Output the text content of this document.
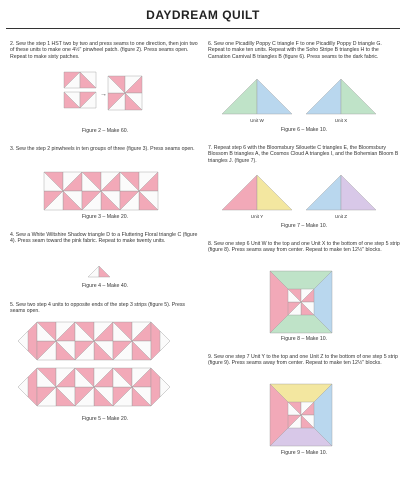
DAYDREAM QUILT
2. Sew the step 1 HST two by two and press seams to one direction, then join two of these units to make one 4½" pinwheel patch. (figure 2). Press seams open. Repeat to make sixty patches.
→
Figure 2 – Make 60.
3. Sew the step 2 pinwheels in ten groups of three (figure 3). Press seams open.
Figure 3 – Make 20.
4. Sew a White Wiltshire Shadow triangle D to a Fluttering Floral triangle C (figure 4). Press seam toward the pink fabric. Repeat to make twenty units.
Figure 4 – Make 40.
5. Sew two step 4 units to opposite ends of the step 3 strips (figure 5). Press seams open.
Figure 5 – Make 20.
6. Sew one Picadilly Poppy C triangle F to one Picadilly Poppy D triangle G. Repeat to make ten units. Repeat with the Soho Stripe B triangles H to the Carnation Carnival B triangles B (figure 6). Press seams to the dark fabric.
Unit W	Unit X
Figure 6 – Make 10.
7. Repeat step 6 with the Bloomsbury Silouette C triangles E, the Bloomsbury Blossom B triangles A, the Cosmos Cloud A triangles I, and the Bohemian Bloom B triangles J. (figure 7).
Unit Y	Unit Z
Figure 7 – Make 10.
8. Sew one step 6 Unit W to the top and one Unit X to the bottom of one step 5 strip (figure 8). Press seams away from center. Repeat to make ten 12½" blocks.
Figure 8 – Make 10.
9. Sew one step 7 Unit Y to the top and one Unit Z to the bottom of one step 5 strip (figure 9). Press seams away from center. Repeat to make ten 12½" blocks.
Figure 9 – Make 10.
